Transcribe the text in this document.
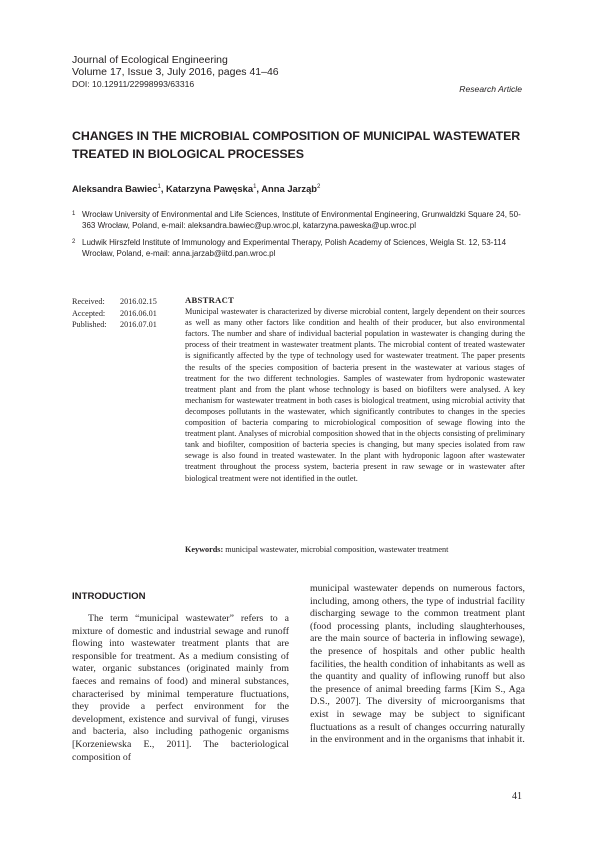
Journal of Ecological Engineering
Volume 17, Issue 3, July 2016, pages 41–46
DOI: 10.12911/22998993/63316	Research Article
CHANGES IN THE MICROBIAL COMPOSITION OF MUNICIPAL WASTEWATER TREATED IN BIOLOGICAL PROCESSES
Aleksandra Bawiec$^1$, Katarzyna Pawęska$^1$, Anna Jarząb$^2$
1 Wrocław University of Environmental and Life Sciences, Institute of Environmental Engineering, Grunwaldzki Square 24, 50-363 Wrocław, Poland, e-mail: aleksandra.bawiec@up.wroc.pl, katarzyna.paweska@up.wroc.pl
2 Ludwik Hirszfeld Institute of Immunology and Experimental Therapy, Polish Academy of Sciences, Weigla St. 12, 53-114 Wrocław, Poland, e-mail: anna.jarzab@iitd.pan.wroc.pl
Received:	2016.02.15
Accepted:	2016.06.01
Published:	2016.07.01
ABSTRACT

Municipal wastewater is characterized by diverse microbial content, largely dependent on their sources as well as many other factors like condition and health of their producer, but also environmental factors. The number and share of individual bacterial population in wastewater is changing during the process of their treatment in wastewater treatment plants. The microbial content of treated wastewater is significantly affected by the type of technology used for wastewater treatment. The paper presents the results of the species composition of bacteria present in the wastewater at various stages of treatment for the two different technologies. Samples of wastewater from hydroponic wastewater treatment plant and from the plant whose technology is based on biofilters were analysed. A key mechanism for wastewater treatment in both cases is biological treatment, using microbial activity that decomposes pollutants in the wastewater, which significantly contributes to changes in the species composition of bacteria comparing to microbiological composition of sewage flowing into the treatment plant. Analyses of microbial composition showed that in the objects consisting of preliminary tank and biofilter, composition of bacteria species is changing, but many species isolated from raw sewage is also found in treated wastewater. In the plant with hydroponic lagoon after wastewater treatment throughout the process system, bacteria present in raw sewage or in wastewater after biological treatment were not identified in the outlet.

Keywords: municipal wastewater, microbial composition, wastewater treatment
INTRODUCTION

The term “municipal wastewater” refers to a mixture of domestic and industrial sewage and runoff flowing into wastewater treatment plants that are responsible for treatment. As a medium consisting of water, organic substances (originated mainly from faeces and remains of food) and mineral substances, characterised by minimal temperature fluctuations, they provide a perfect environment for the development, existence and survival of fungi, viruses and bacteria, also including pathogenic organisms [Korzeniewska E., 2011]. The bacteriological composition of

municipal wastewater depends on numerous factors, including, among others, the type of industrial facility discharging sewage to the common treatment plant (food processing plants, including slaughterhouses, are the main source of bacteria in inflowing sewage), the presence of hospitals and other public health facilities, the health condition of inhabitants as well as the quantity and quality of inflowing runoff but also the presence of animal breeding farms [Kim S., Aga D.S., 2007]. The diversity of microorganisms that exist in sewage may be subject to significant fluctuations as a result of changes occurring naturally in the environment and in the organisms that inhabit it.

41
